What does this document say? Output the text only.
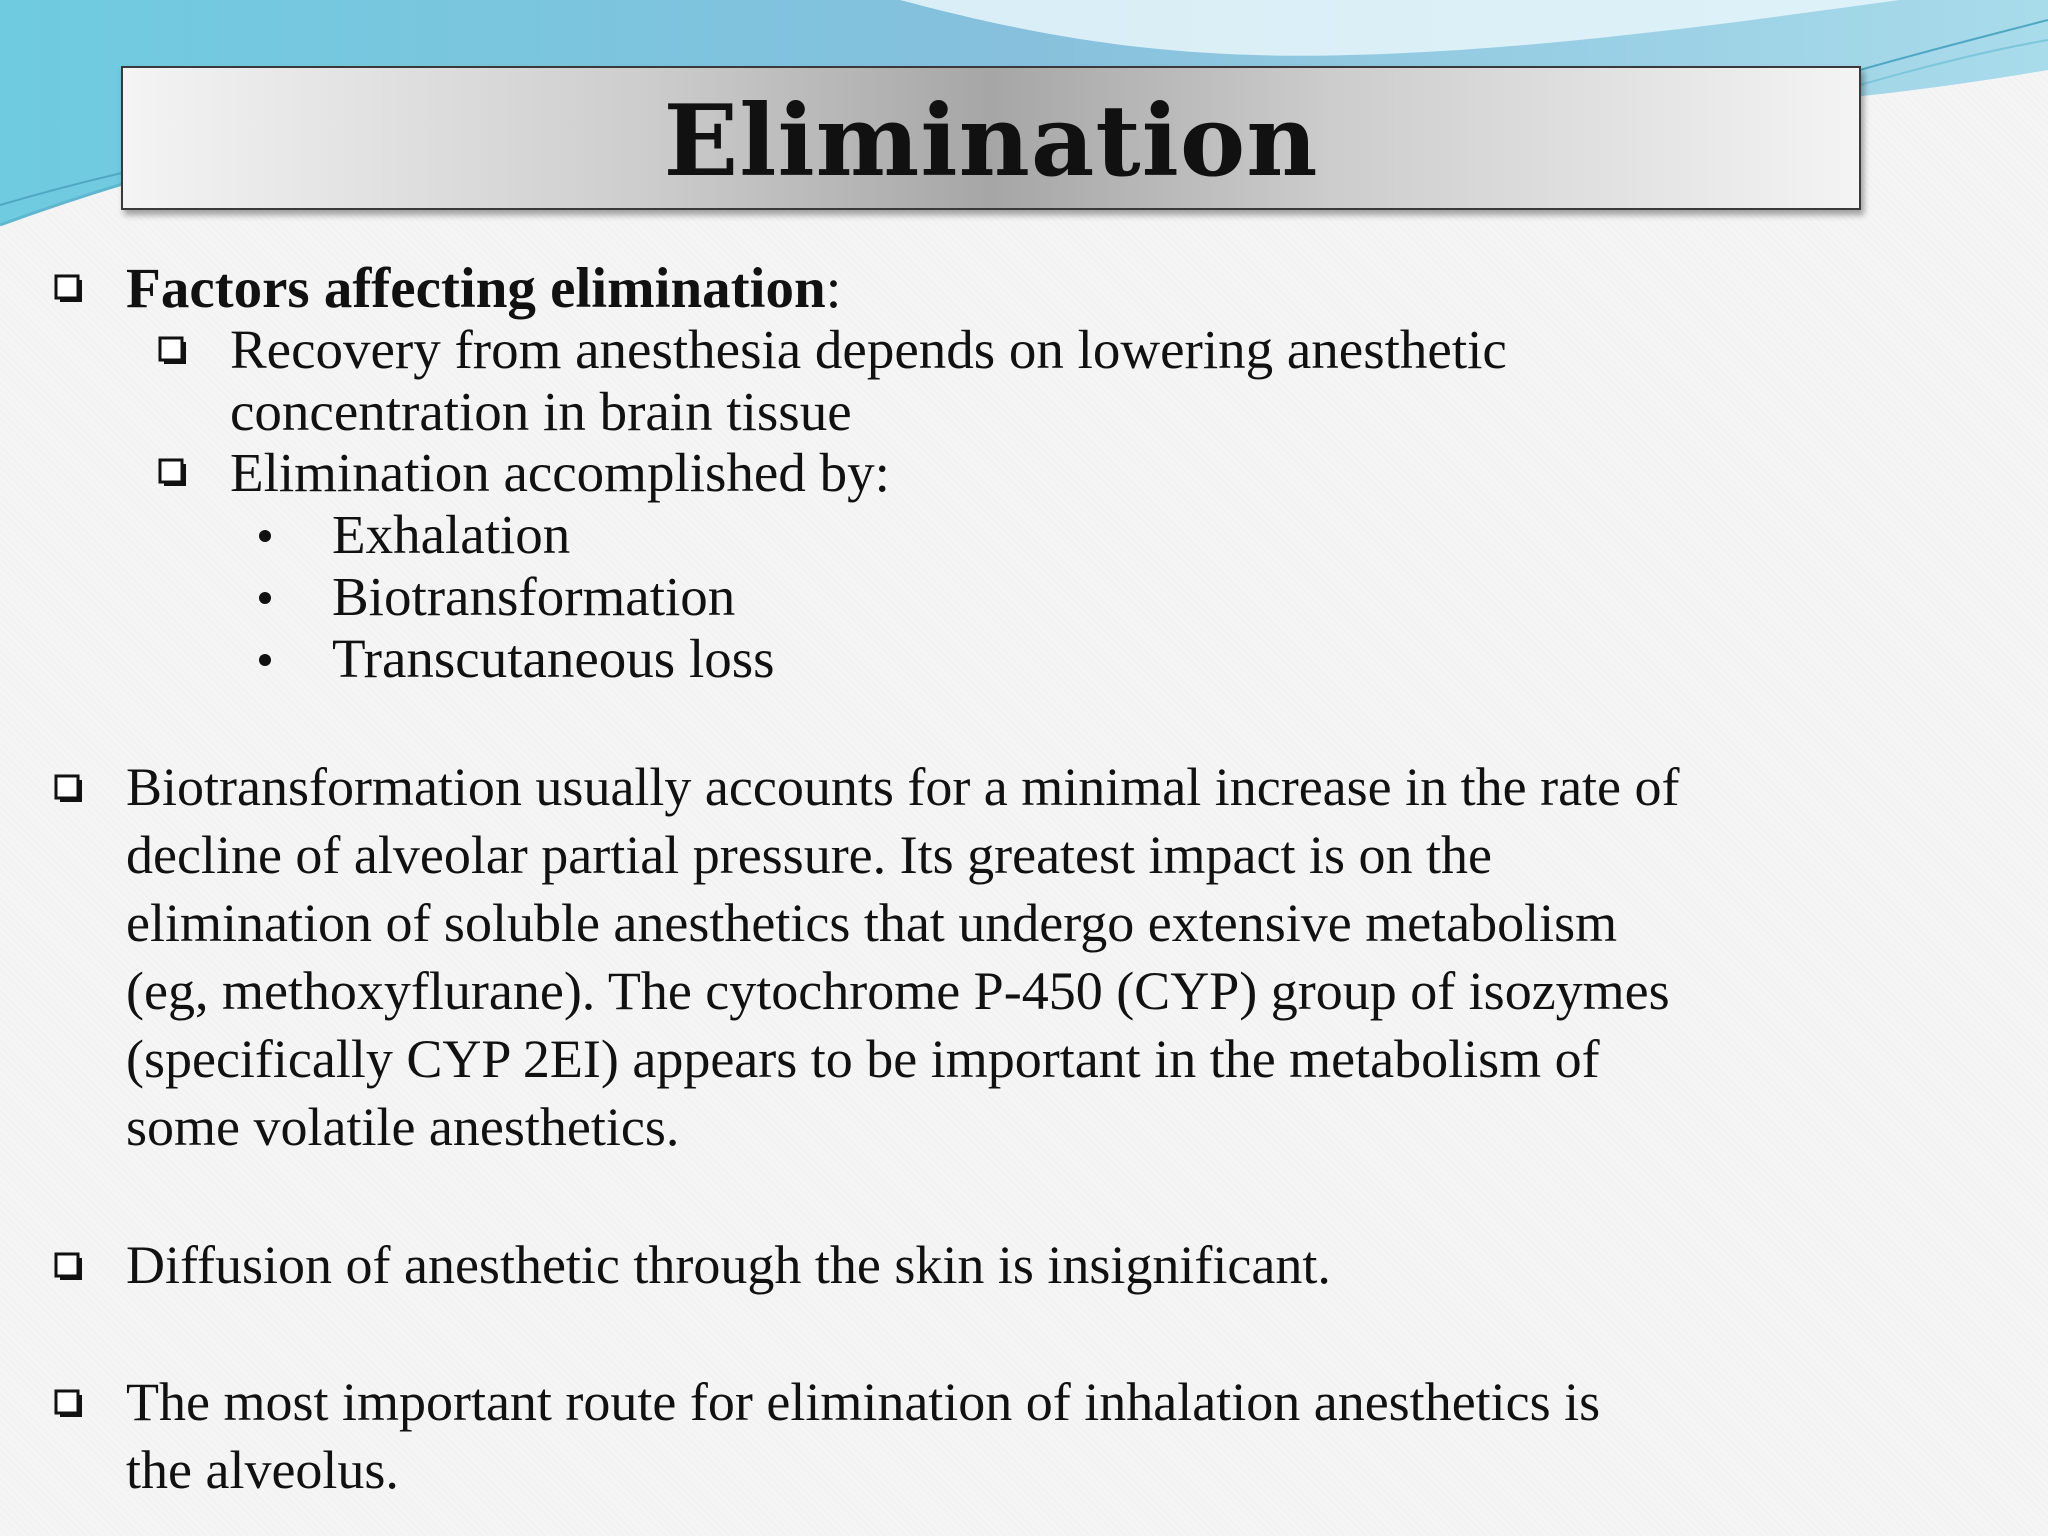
Elimination
Factors affecting elimination:
Recovery from anesthesia depends on lowering anesthetic
concentration in brain tissue
Elimination accomplished by:
Exhalation
Biotransformation
Transcutaneous loss
Biotransformation usually accounts for a minimal increase in the rate of
decline of alveolar partial pressure. Its greatest impact is on the
elimination of soluble anesthetics that undergo extensive metabolism
(eg, methoxyflurane). The cytochrome P-450 (CYP) group of isozymes
(specifically CYP 2EI) appears to be important in the metabolism of
some volatile anesthetics.
Diffusion of anesthetic through the skin is insignificant.
The most important route for elimination of inhalation anesthetics is
the alveolus.
